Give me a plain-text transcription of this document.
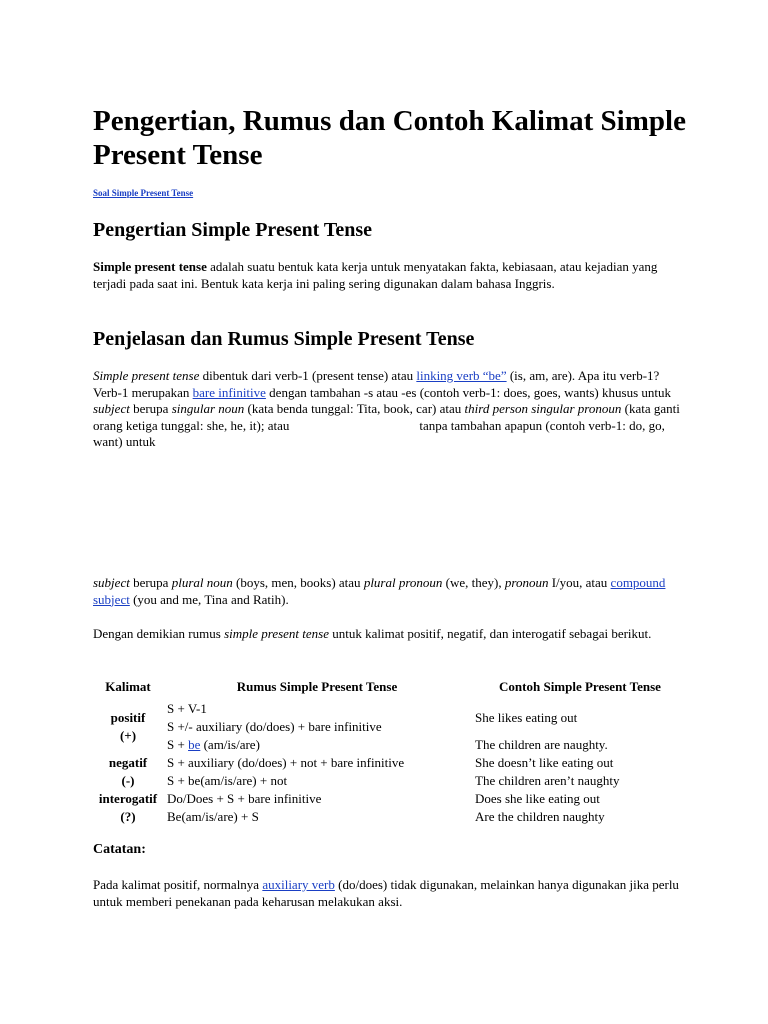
Pengertian, Rumus dan Contoh Kalimat Simple Present Tense
Soal Simple Present Tense
Pengertian Simple Present Tense
Simple present tense adalah suatu bentuk kata kerja untuk menyatakan fakta, kebiasaan, atau kejadian yang terjadi pada saat ini. Bentuk kata kerja ini paling sering digunakan dalam bahasa Inggris.
Penjelasan dan Rumus Simple Present Tense
Simple present tense dibentuk dari verb-1 (present tense) atau linking verb “be” (is, am, are). Apa itu verb-1? Verb-1 merupakan bare infinitive dengan tambahan -s atau -es (contoh verb-1: does, goes, wants) khusus untuk subject berupa singular noun (kata benda tunggal: Tita, book, car) atau third person singular pronoun (kata ganti orang ketiga tunggal: she, he, it); atau	tanpa tambahan apapun (contoh verb-1: do, go, want) untuk
subject berupa plural noun (boys, men, books) atau plural pronoun (we, they), pronoun I/you, atau compound subject (you and me, Tina and Ratih).
Dengan demikian rumus simple present tense untuk kalimat positif, negatif, dan interogatif sebagai berikut.
Kalimat	Rumus Simple Present Tense	Contoh Simple Present Tense
positif
(+)	S + V-1	She likes eating out
	S +/- auxiliary (do/does) + bare infinitive	
	S + be (am/is/are)	The children are naughty.
negatif
(-)	S + auxiliary (do/does) + not + bare infinitive	She doesn’t like eating out
	S + be(am/is/are) + not	The children aren’t naughty
interogatif
(?)	Do/Does + S + bare infinitive	Does she like eating out
	Be(am/is/are) + S	Are the children naughty
Catatan:
Pada kalimat positif, normalnya auxiliary verb (do/does) tidak digunakan, melainkan hanya digunakan jika perlu untuk memberi penekanan pada keharusan melakukan aksi.
